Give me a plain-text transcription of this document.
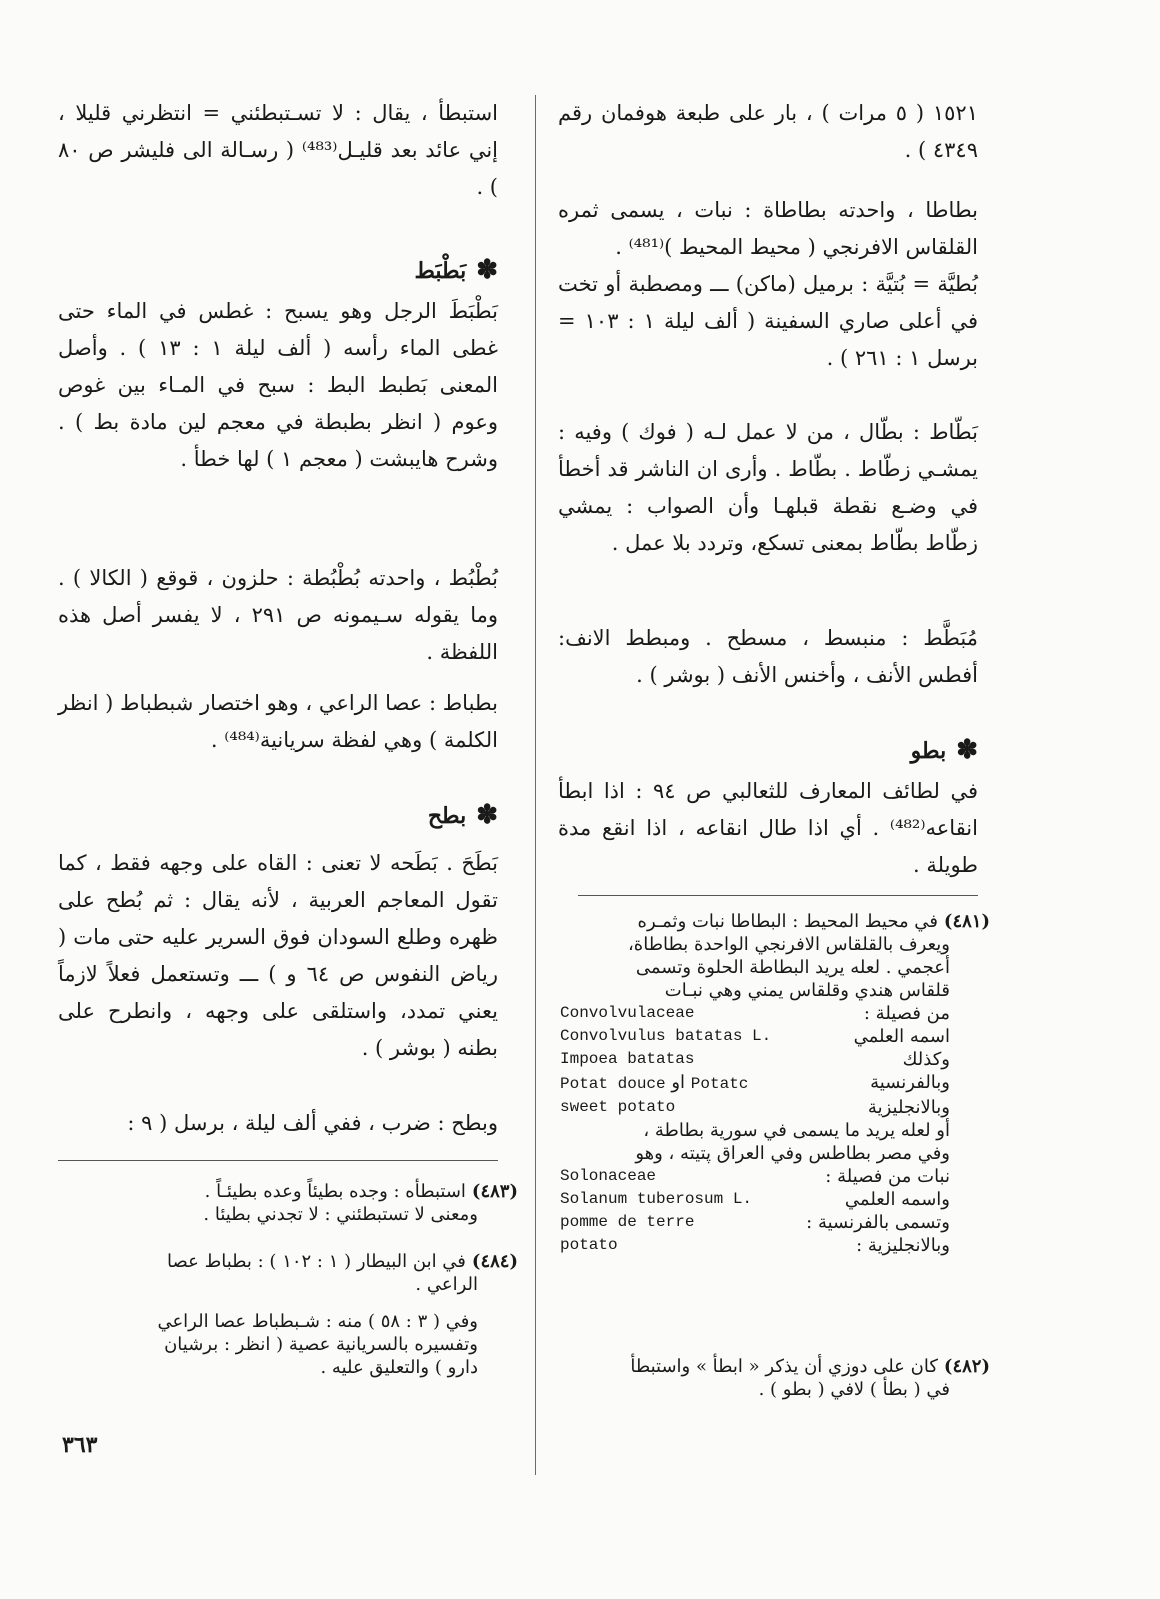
١٥٢١ ( ٥ مرات ) ، بار على طبعة هوفمان رقم ٤٣٤٩ ) .

بطاطا ، واحدته بطاطاة : نبات ، يسمى ثمره القلقاس الافرنجي ( محيط المحيط )⁽⁴⁸¹⁾ .

بُطيَّة = بُتيَّة : برميل (ماكن) ـــ ومصطبة أو تخت في أعلى صاري السفينة ( ألف ليلة ١ : ١٠٣ = برسل ١ : ٢٦١ ) .

بَطّاط : بطّال ، من لا عمل لـه ( فوك ) وفيه : يمشـي زطّاط . بطّاط . وأرى ان الناشر قد أخطأ في وضـع نقطة قبلهـا وأن الصواب : يمشي زطّاط بطّاط بمعنى تسكع، وتردد بلا عمل .

مُبَطَّط : منبسط ، مسطح . ومبطط الانف: أفطس الأنف ، وأخنس الأنف ( بوشر ) .

✽بطو

في لطائف المعارف للثعالبي ص ٩٤ : اذا ابطأ انقاعه⁽⁴⁸²⁾ . أي اذا طال انقاعه ، اذا انقع مدة طويلة .

(٤٨١)في محيط المحيط : البطاطا نبات وثمـره
ويعرف بالقلقاس الافرنجي الواحدة بطاطاة،
أعجمي . لعله يريد البطاطة الحلوة وتسمى
قلقاس هندي وقلقاس يمني وهي نبـات
من فصيلة :
Convolvulaceae
اسمه العلمي
Convolvulus batatas L.
وكذلك
Impoea batatas
وبالفرنسية
Potat douce او Potatc
وبالانجليزية
sweet potato
أو لعله يريد ما يسمى في سورية بطاطة ،
وفي مصر بطاطس وفي العراق پتيته ، وهو
نبات من فصيلة :
Solonaceae
واسمه العلمي
Solanum tuberosum L.
وتسمى بالفرنسية :
pomme de terre
وبالانجليزية :
potato
(٤٨٢)كان على دوزي أن يذكر « ابطأ » واستبطأ
في ( بطأ ) لافي ( بطو ) .

استبطأ ، يقال : لا تسـتبطئني = انتظرني قليلا ، إني عائد بعد قليـل⁽⁴⁸³⁾ ( رسـالة الى فليشر ص ٨٠ ) .

✽بَطْبَط

بَطْبَطَ الرجل وهو يسبح : غطس في الماء حتى غطى الماء رأسه ( ألف ليلة ١ : ١٣ ) . وأصل المعنى بَطبط البط : سبح في المـاء بين غوص وعوم ( انظر بطبطة في معجم لين مادة بط ) . وشرح هايبشت ( معجم ١ ) لها خطأ .

بُطْبُط ، واحدته بُطْبُطة : حلزون ، قوقع ( الكالا ) . وما يقوله سـيمونه ص ٢٩١ ، لا يفسر أصل هذه اللفظة .

بطباط : عصا الراعي ، وهو اختصار شبطباط ( انظر الكلمة ) وهي لفظة سريانية⁽⁴⁸⁴⁾ .

✽بطح

بَطَحَ . بَطَحه لا تعنى : القاه على وجهه فقط ، كما تقول المعاجم العربية ، لأنه يقال : ثم بُطح على ظهره وطلع السودان فوق السرير عليه حتى مات ( رياض النفوس ص ٦٤ و ) ـــ وتستعمل فعلاً لازماً يعني تمدد، واستلقى على وجهه ، وانطرح على بطنه ( بوشر ) .

وبطح : ضرب ، ففي ألف ليلة ، برسل ( ٩ :

(٤٨٣)استبطأه : وجده بطيئاً وعده بطيئـاً .
ومعنى لا تستبطئني : لا تجدني بطيئا .
(٤٨٤)في ابن البيطار ( ١ : ١٠٢ ) : بطباط عصا
الراعي .
وفي ( ٣ : ٥٨ ) منه : شـبطباط عصا الراعي
وتفسيره بالسريانية عصية ( انظر : برشيان
دارو ) والتعليق عليه .
٣٦٣
